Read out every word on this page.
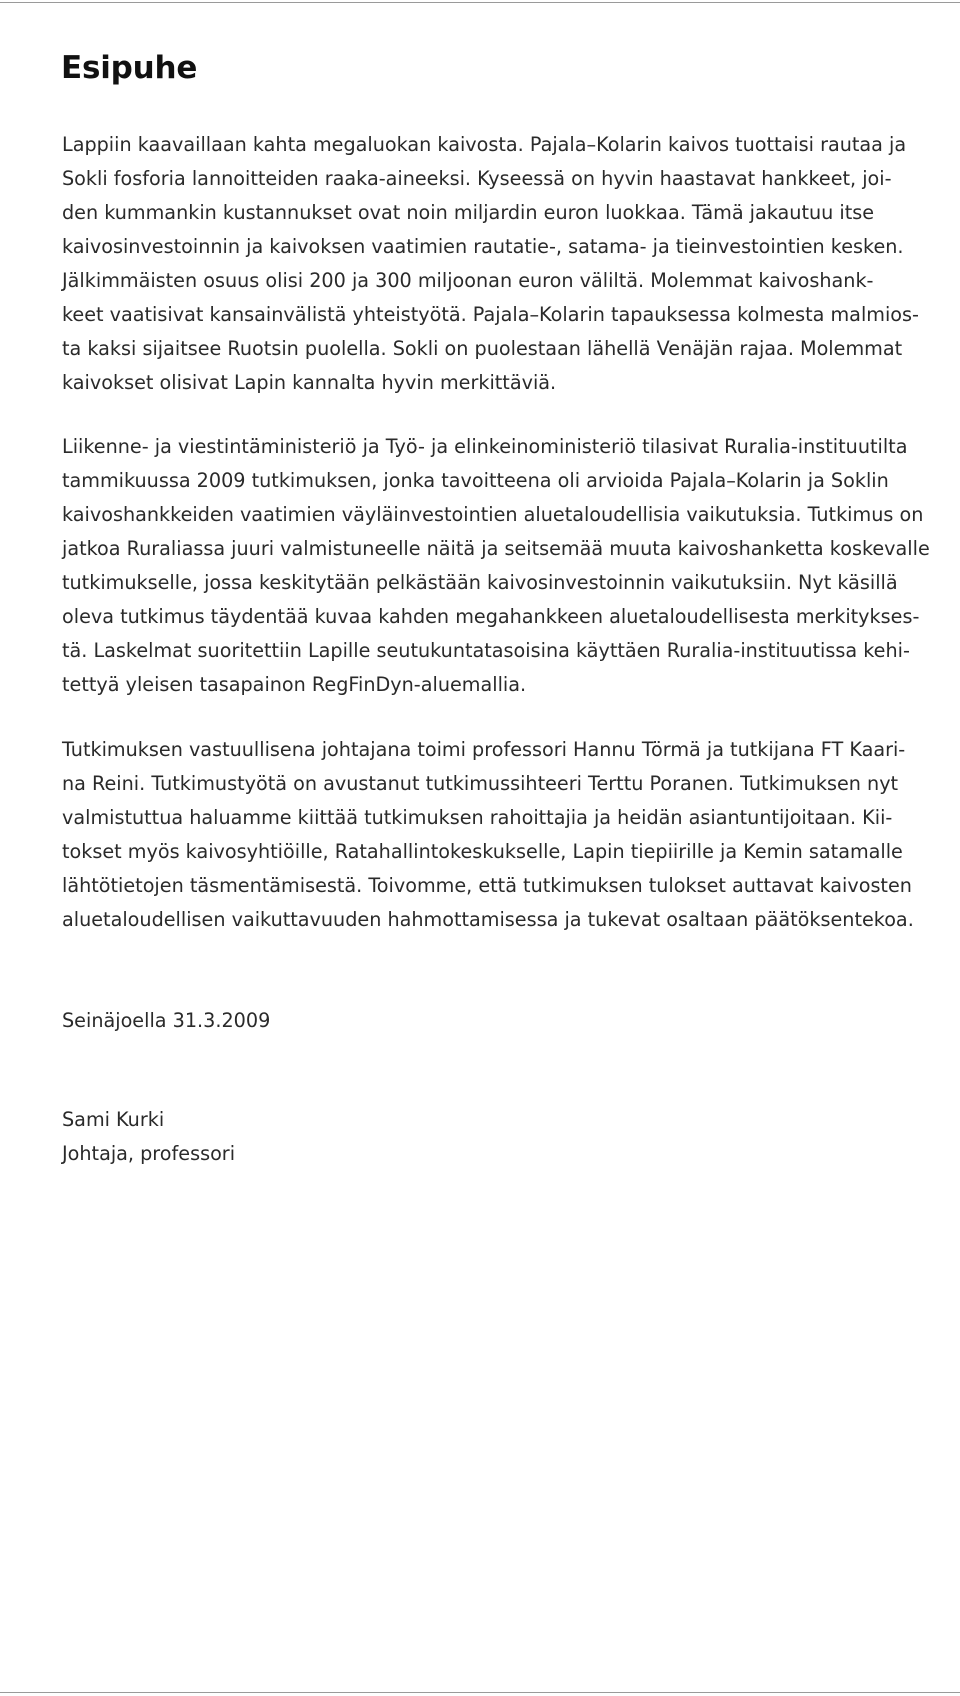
Esipuhe
Lappiin kaavaillaan kahta megaluokan kaivosta. Pajala–Kolarin kaivos tuottaisi rautaa ja
Sokli fosforia lannoitteiden raaka-aineeksi. Kyseessä on hyvin haastavat hankkeet, joi-
den kummankin kustannukset ovat noin miljardin euron luokkaa. Tämä jakautuu itse
kaivosinvestoinnin ja kaivoksen vaatimien rautatie-, satama- ja tieinvestointien kesken.
Jälkimmäisten osuus olisi 200 ja 300 miljoonan euron väliltä. Molemmat kaivoshank-
keet vaatisivat kansainvälistä yhteistyötä. Pajala–Kolarin tapauksessa kolmesta malmios-
ta kaksi sijaitsee Ruotsin puolella. Sokli on puolestaan lähellä Venäjän rajaa. Molemmat
kaivokset olisivat Lapin kannalta hyvin merkittäviä.
Liikenne- ja viestintäministeriö ja Työ- ja elinkeinoministeriö tilasivat Ruralia-instituutilta
tammikuussa 2009 tutkimuksen, jonka tavoitteena oli arvioida Pajala–Kolarin ja Soklin
kaivoshankkeiden vaatimien väyläinvestointien aluetaloudellisia vaikutuksia. Tutkimus on
jatkoa Ruraliassa juuri valmistuneelle näitä ja seitsemää muuta kaivoshanketta koskevalle
tutkimukselle, jossa keskitytään pelkästään kaivosinvestoinnin vaikutuksiin. Nyt käsillä
oleva tutkimus täydentää kuvaa kahden megahankkeen aluetaloudellisesta merkitykses-
tä. Laskelmat suoritettiin Lapille seutukuntatasoisina käyttäen Ruralia-instituutissa kehi-
tettyä yleisen tasapainon RegFinDyn-aluemallia.
Tutkimuksen vastuullisena johtajana toimi professori Hannu Törmä ja tutkijana FT Kaari-
na Reini. Tutkimustyötä on avustanut tutkimussihteeri Terttu Poranen. Tutkimuksen nyt
valmistuttua haluamme kiittää tutkimuksen rahoittajia ja heidän asiantuntijoitaan. Kii-
tokset myös kaivosyhtiöille, Ratahallintokeskukselle, Lapin tiepiirille ja Kemin satamalle
lähtötietojen täsmentämisestä. Toivomme, että tutkimuksen tulokset auttavat kaivosten
aluetaloudellisen vaikuttavuuden hahmottamisessa ja tukevat osaltaan päätöksentekoa.

Seinäjoella 31.3.2009

Sami Kurki

Johtaja, professori
